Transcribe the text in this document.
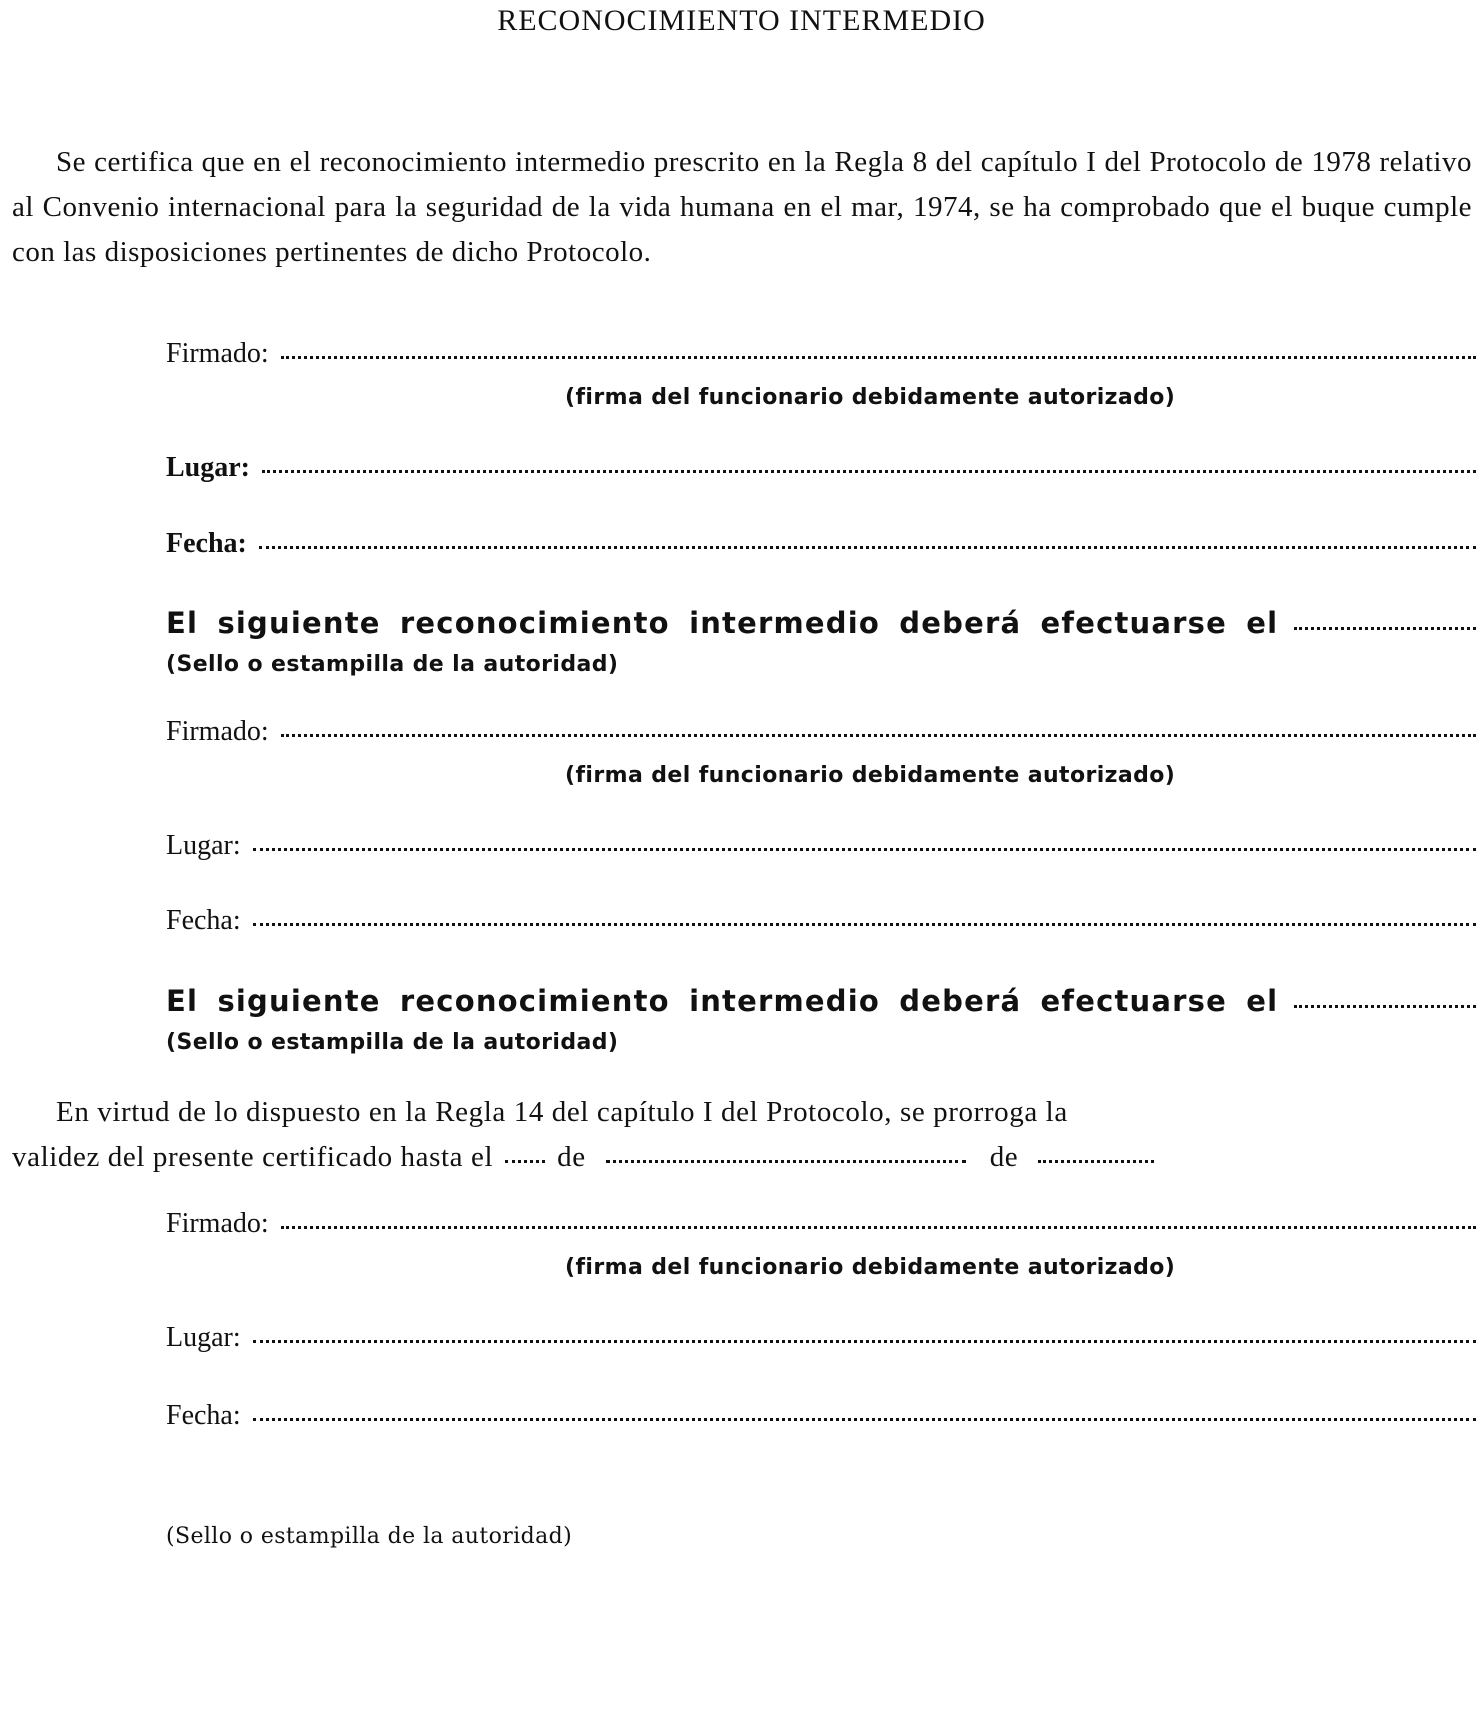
RECONOCIMIENTO INTERMEDIO

Se certifica que en el reconocimiento intermedio prescrito en la Regla 8 del capítulo I del Protocolo de 1978 relativo al Convenio internacional para la seguridad de la vida humana en el mar, 1974, se ha comprobado que el buque cumple con las disposiciones pertinentes de dicho Protocolo.

Firmado:
(firma del funcionario debidamente autorizado)
Lugar:
Fecha:
El siguiente reconocimiento intermedio deberá efectuarse el
(Sello o estampilla de la autoridad)
Firmado:
(firma del funcionario debidamente autorizado)
Lugar:
Fecha:
El siguiente reconocimiento intermedio deberá efectuarse el
(Sello o estampilla de la autoridad)
En virtud de lo dispuesto en la Regla 14 del capítulo I del Protocolo, se prorroga la
validez del presente certificado hasta el de	de
Firmado:
(firma del funcionario debidamente autorizado)
Lugar:
Fecha:
(Sello o estampilla de la autoridad)
